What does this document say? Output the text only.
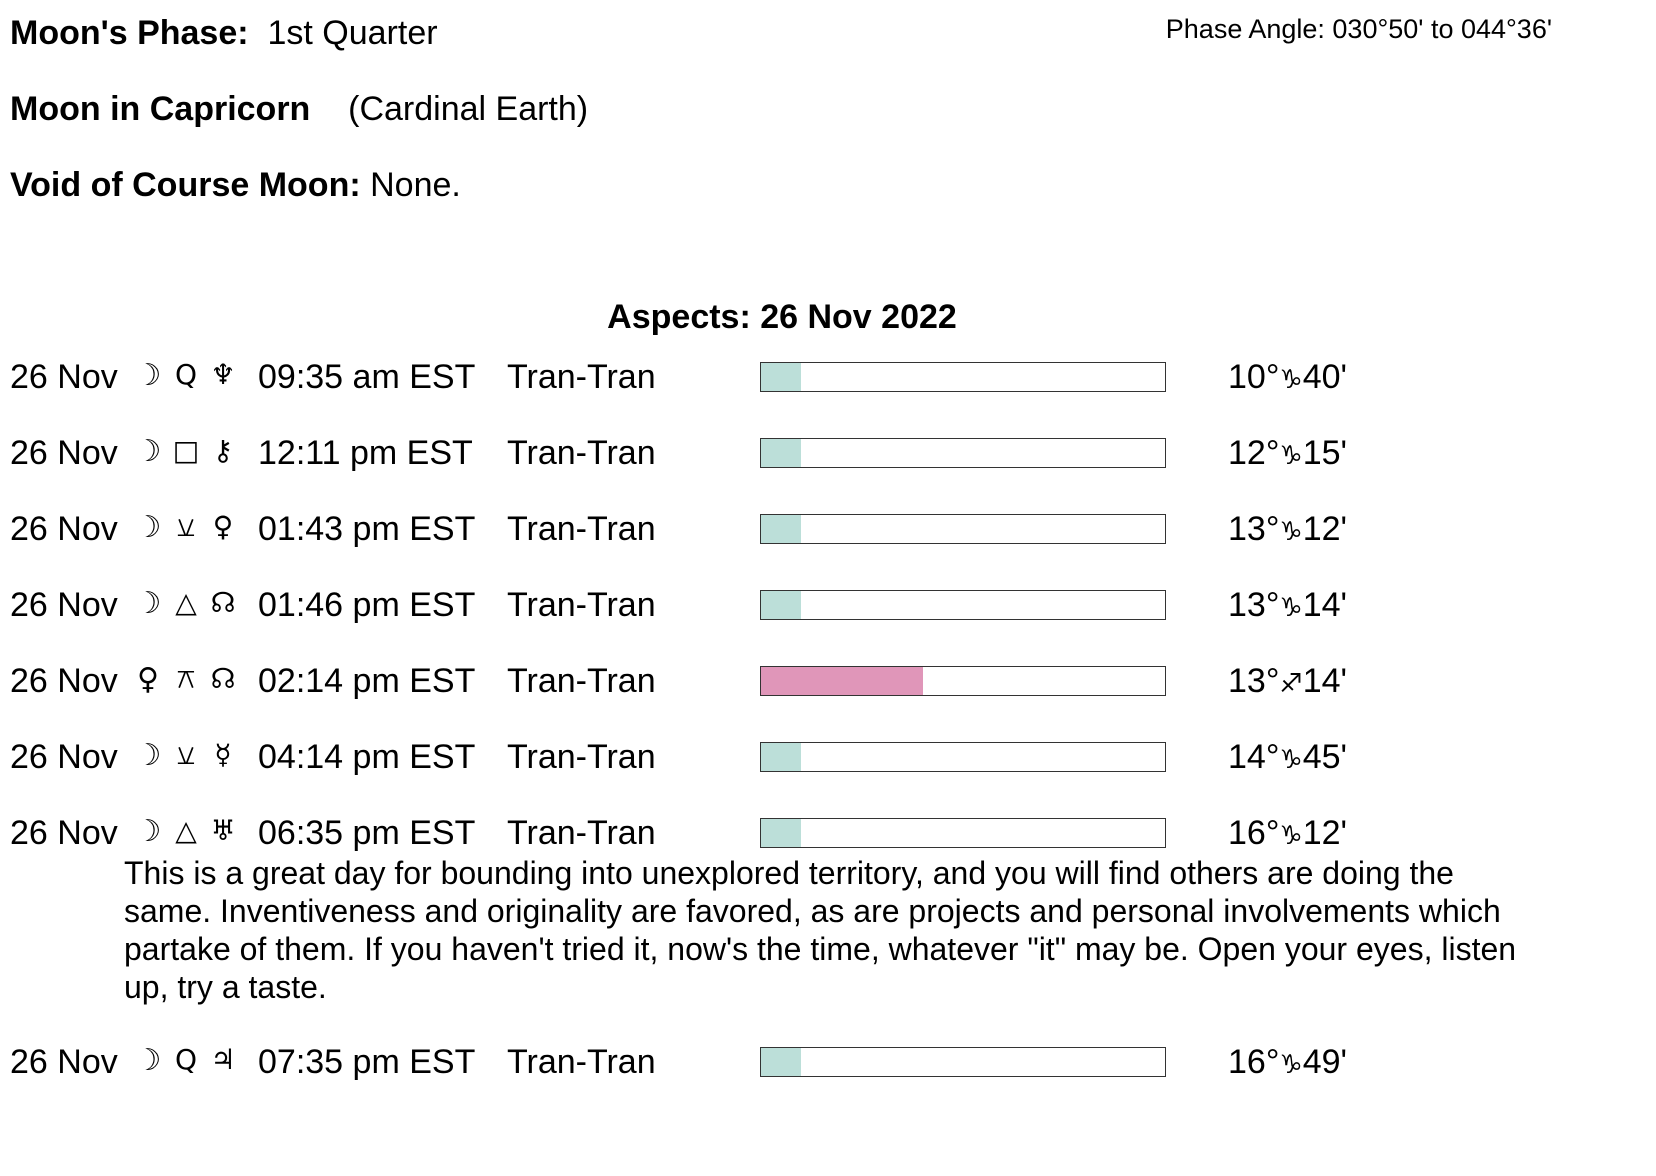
Moon's Phase: 1st Quarter	Phase Angle: 030°50' to 044°36'
Moon in Capricorn (Cardinal Earth)
Void of Course Moon: None.
Aspects: 26 Nov 2022
26 Nov ☽ Q ♆ 09:35 am EST Tran-Tran	10°♑40'
26 Nov ☽ □ ⚷ 12:11 pm EST Tran-Tran	12°♑15'
26 Nov ☽ ⚺ ♀ 01:43 pm EST Tran-Tran	13°♑12'
26 Nov ☽ △ ☊ 01:46 pm EST Tran-Tran	13°♑14'
26 Nov ♀ ⚻ ☊ 02:14 pm EST Tran-Tran	13°♐14'
26 Nov ☽ ⚺ ☿ 04:14 pm EST Tran-Tran	14°♑45'
26 Nov ☽ △ ♅ 06:35 pm EST Tran-Tran	16°♑12'
26 Nov ☽ Q ♃ 07:35 pm EST Tran-Tran	16°♑49'
This is a great day for bounding into unexplored territory, and you will find others are doing the same. Inventiveness and originality are favored, as are projects and personal involvements which partake of them. If you haven't tried it, now's the time, whatever "it" may be. Open your eyes, listen up, try a taste.
